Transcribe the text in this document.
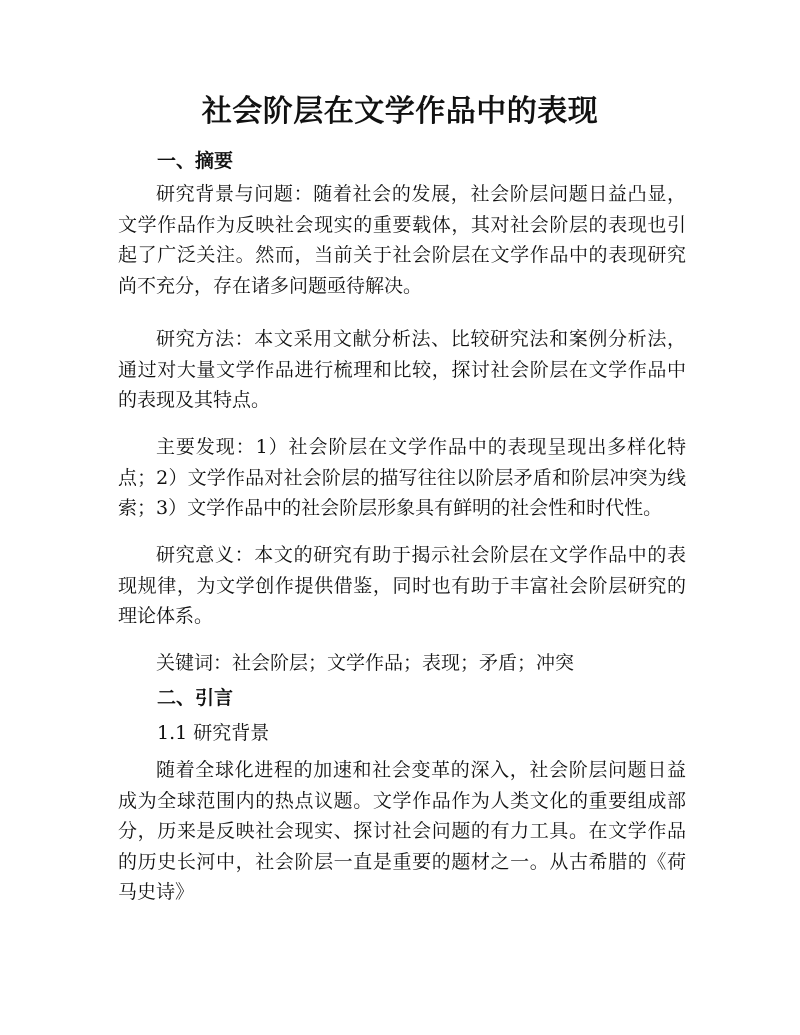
社会阶层在文学作品中的表现
一、摘要

研究背景与问题：随着社会的发展，社会阶层问题日益凸显，文学作品作为反映社会现实的重要载体，其对社会阶层的表现也引起了广泛关注。然而，当前关于社会阶层在文学作品中的表现研究尚不充分，存在诸多问题亟待解决。

研究方法：本文采用文献分析法、比较研究法和案例分析法，通过对大量文学作品进行梳理和比较，探讨社会阶层在文学作品中的表现及其特点。

主要发现：1）社会阶层在文学作品中的表现呈现出多样化特点；2）文学作品对社会阶层的描写往往以阶层矛盾和阶层冲突为线索；3）文学作品中的社会阶层形象具有鲜明的社会性和时代性。

研究意义：本文的研究有助于揭示社会阶层在文学作品中的表现规律，为文学创作提供借鉴，同时也有助于丰富社会阶层研究的理论体系。

关键词：社会阶层；文学作品；表现；矛盾；冲突

二、引言

1.1 研究背景

随着全球化进程的加速和社会变革的深入，社会阶层问题日益成为全球范围内的热点议题。文学作品作为人类文化的重要组成部分，历来是反映社会现实、探讨社会问题的有力工具。在文学作品的历史长河中，社会阶层一直是重要的题材之一。从古希腊的《荷马史诗》
